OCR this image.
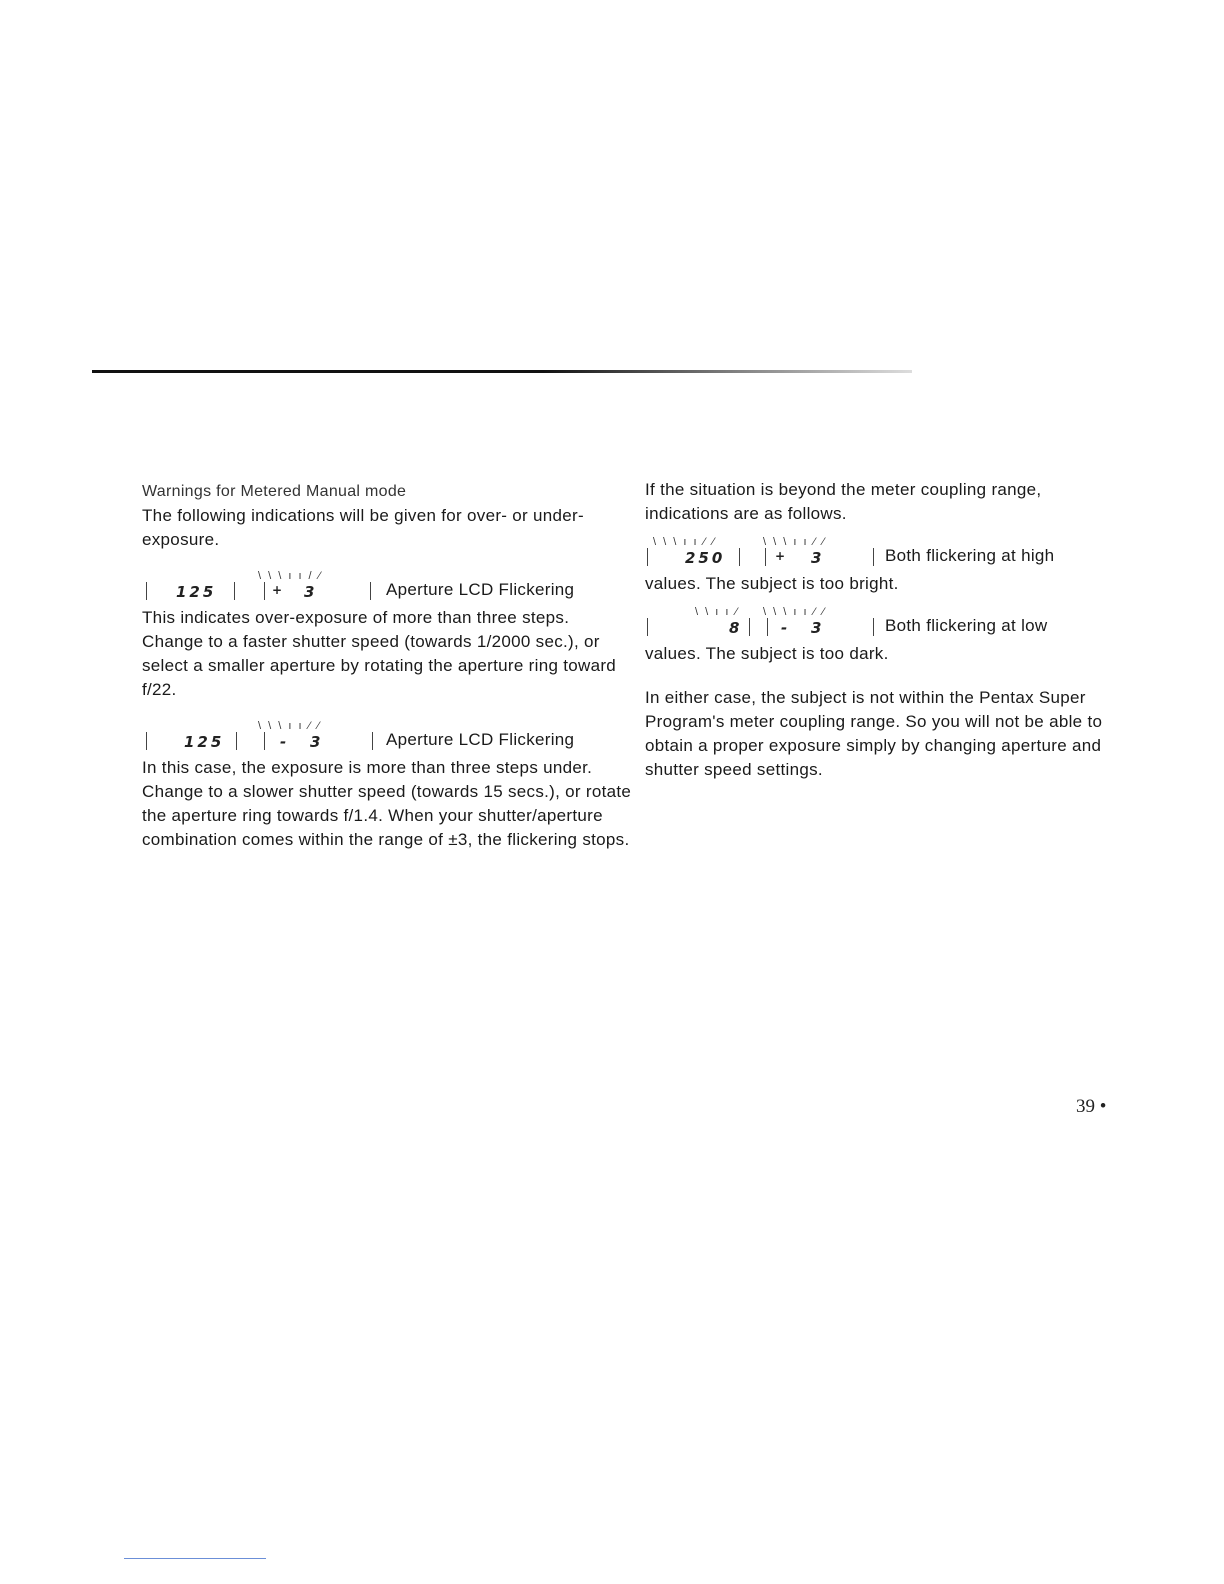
Warnings for Metered Manual mode

The following indications will be given for over- or under-exposure.

\ \ \ ı ı / ⁄
125	+ 3	Aperture LCD Flickering

This indicates over-exposure of more than three steps. Change to a faster shutter speed (towards 1/2000 sec.), or select a smaller aperture by rotating the aperture ring toward f/22.

\ \ \ ı ı ⁄ ⁄
125	- 3	Aperture LCD Flickering

In this case, the exposure is more than three steps under. Change to a slower shutter speed (towards 15 secs.), or rotate the aperture ring towards f/1.4. When your shutter/aperture combination comes within the range of ±3, the flickering stops.

If the situation is beyond the meter coupling range, indications are as follows.

\ \ \ ı ı ⁄ ⁄	\ \ \ ı ı ⁄ ⁄
250	+ 3	Both flickering at high

values. The subject is too bright.

\ \ ı ı ⁄ \ \ \ ı ı ⁄ ⁄
8	- 3	Both flickering at low

values. The subject is too dark.

In either case, the subject is not within the Pentax Super Program's meter coupling range. So you will not be able to obtain a proper exposure simply by changing aperture and shutter speed settings.

39 •
